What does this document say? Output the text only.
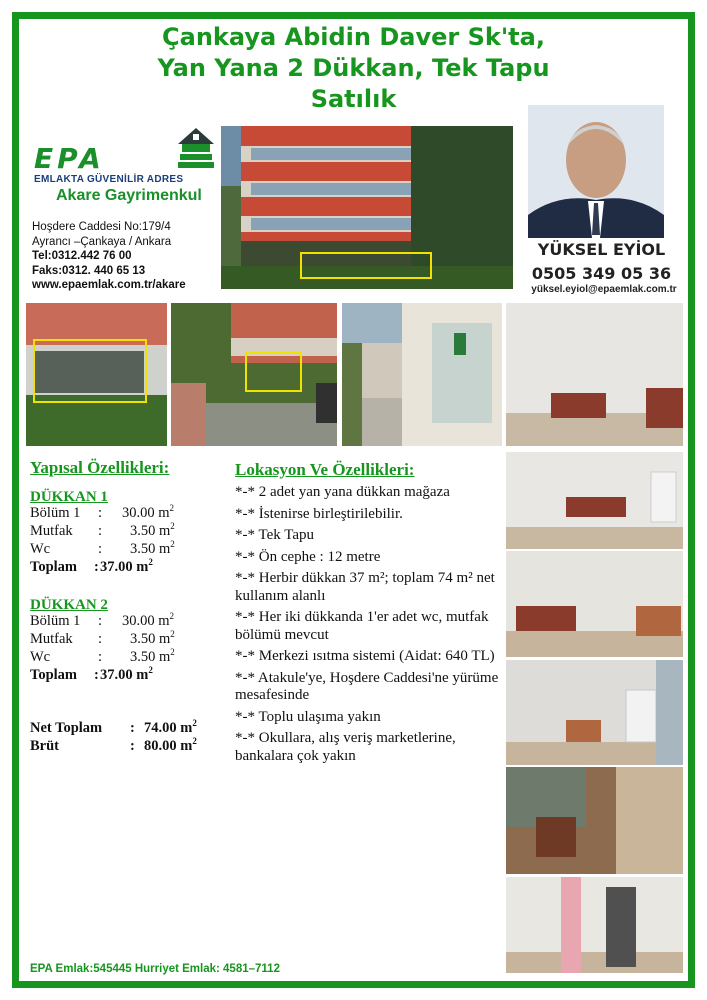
Çankaya Abidin Daver Sk'ta,
Yan Yana 2 Dükkan, Tek Tapu
Satılık
EPA
EMLAKTA GÜVENİLİR ADRES
Akare Gayrimenkul
Hoşdere Caddesi No:179/4
Ayrancı –Çankaya / Ankara
Tel:0312.442 76 00
Faks:0312. 440 65 13
www.epaemlak.com.tr/akare
YÜKSEL EYİOL
0505 349 05 36
yüksel.eyiol@epaemlak.com.tr
Yapısal Özellikleri:
DÜKKAN 1
Bölüm 1 : 30.00 $m^2$
Mutfak : 3.50 $m^2$
Wc	: 3.50 $m^2$
Toplam : 37.00 $m^2$
DÜKKAN 2
Bölüm 1 : 30.00 $m^2$
Mutfak : 3.50 $m^2$
Wc	: 3.50 $m^2$
Toplam : 37.00 $m^2$
Net Toplam : 74.00 $m^2$
Brüt	: 80.00 $m^2$
Lokasyon Ve Özellikleri:
*-* 2 adet yan yana dükkan mağaza
*-* İstenirse birleştirilebilir.
*-* Tek Tapu
*-* Ön cephe : 12 metre
*-* Herbir dükkan 37 m²; toplam 74 m² net kullanım alanlı
*-* Her iki dükkanda 1'er adet wc, mutfak bölümü mevcut
*-* Merkezi ısıtma sistemi (Aidat: 640 TL)
*-* Atakule'ye, Hoşdere Caddesi'ne yürüme mesafesinde
*-* Toplu ulaşıma yakın
*-* Okullara, alış veriş marketlerine, bankalara çok yakın
EPA Emlak:545445 Hurriyet Emlak: 4581–7112
